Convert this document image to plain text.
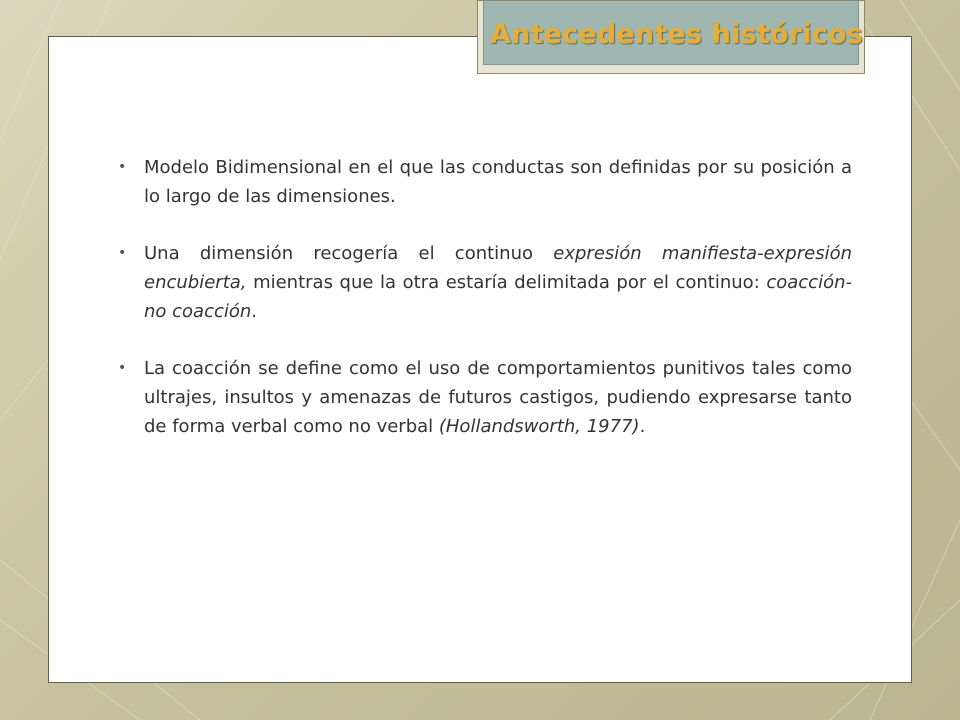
Antecedentes históricos
• Modelo Bidimensional en el que las conductas son definidas por su posición a lo largo de las dimensiones.
• Una dimensión recogería el continuo expresión manifiesta-expresión encubierta, mientras que la otra estaría delimitada por el continuo: coacción-no coacción.
• La coacción se define como el uso de comportamientos punitivos tales como ultrajes, insultos y amenazas de futuros castigos, pudiendo expresarse tanto de forma verbal como no verbal (Hollandsworth, 1977).
